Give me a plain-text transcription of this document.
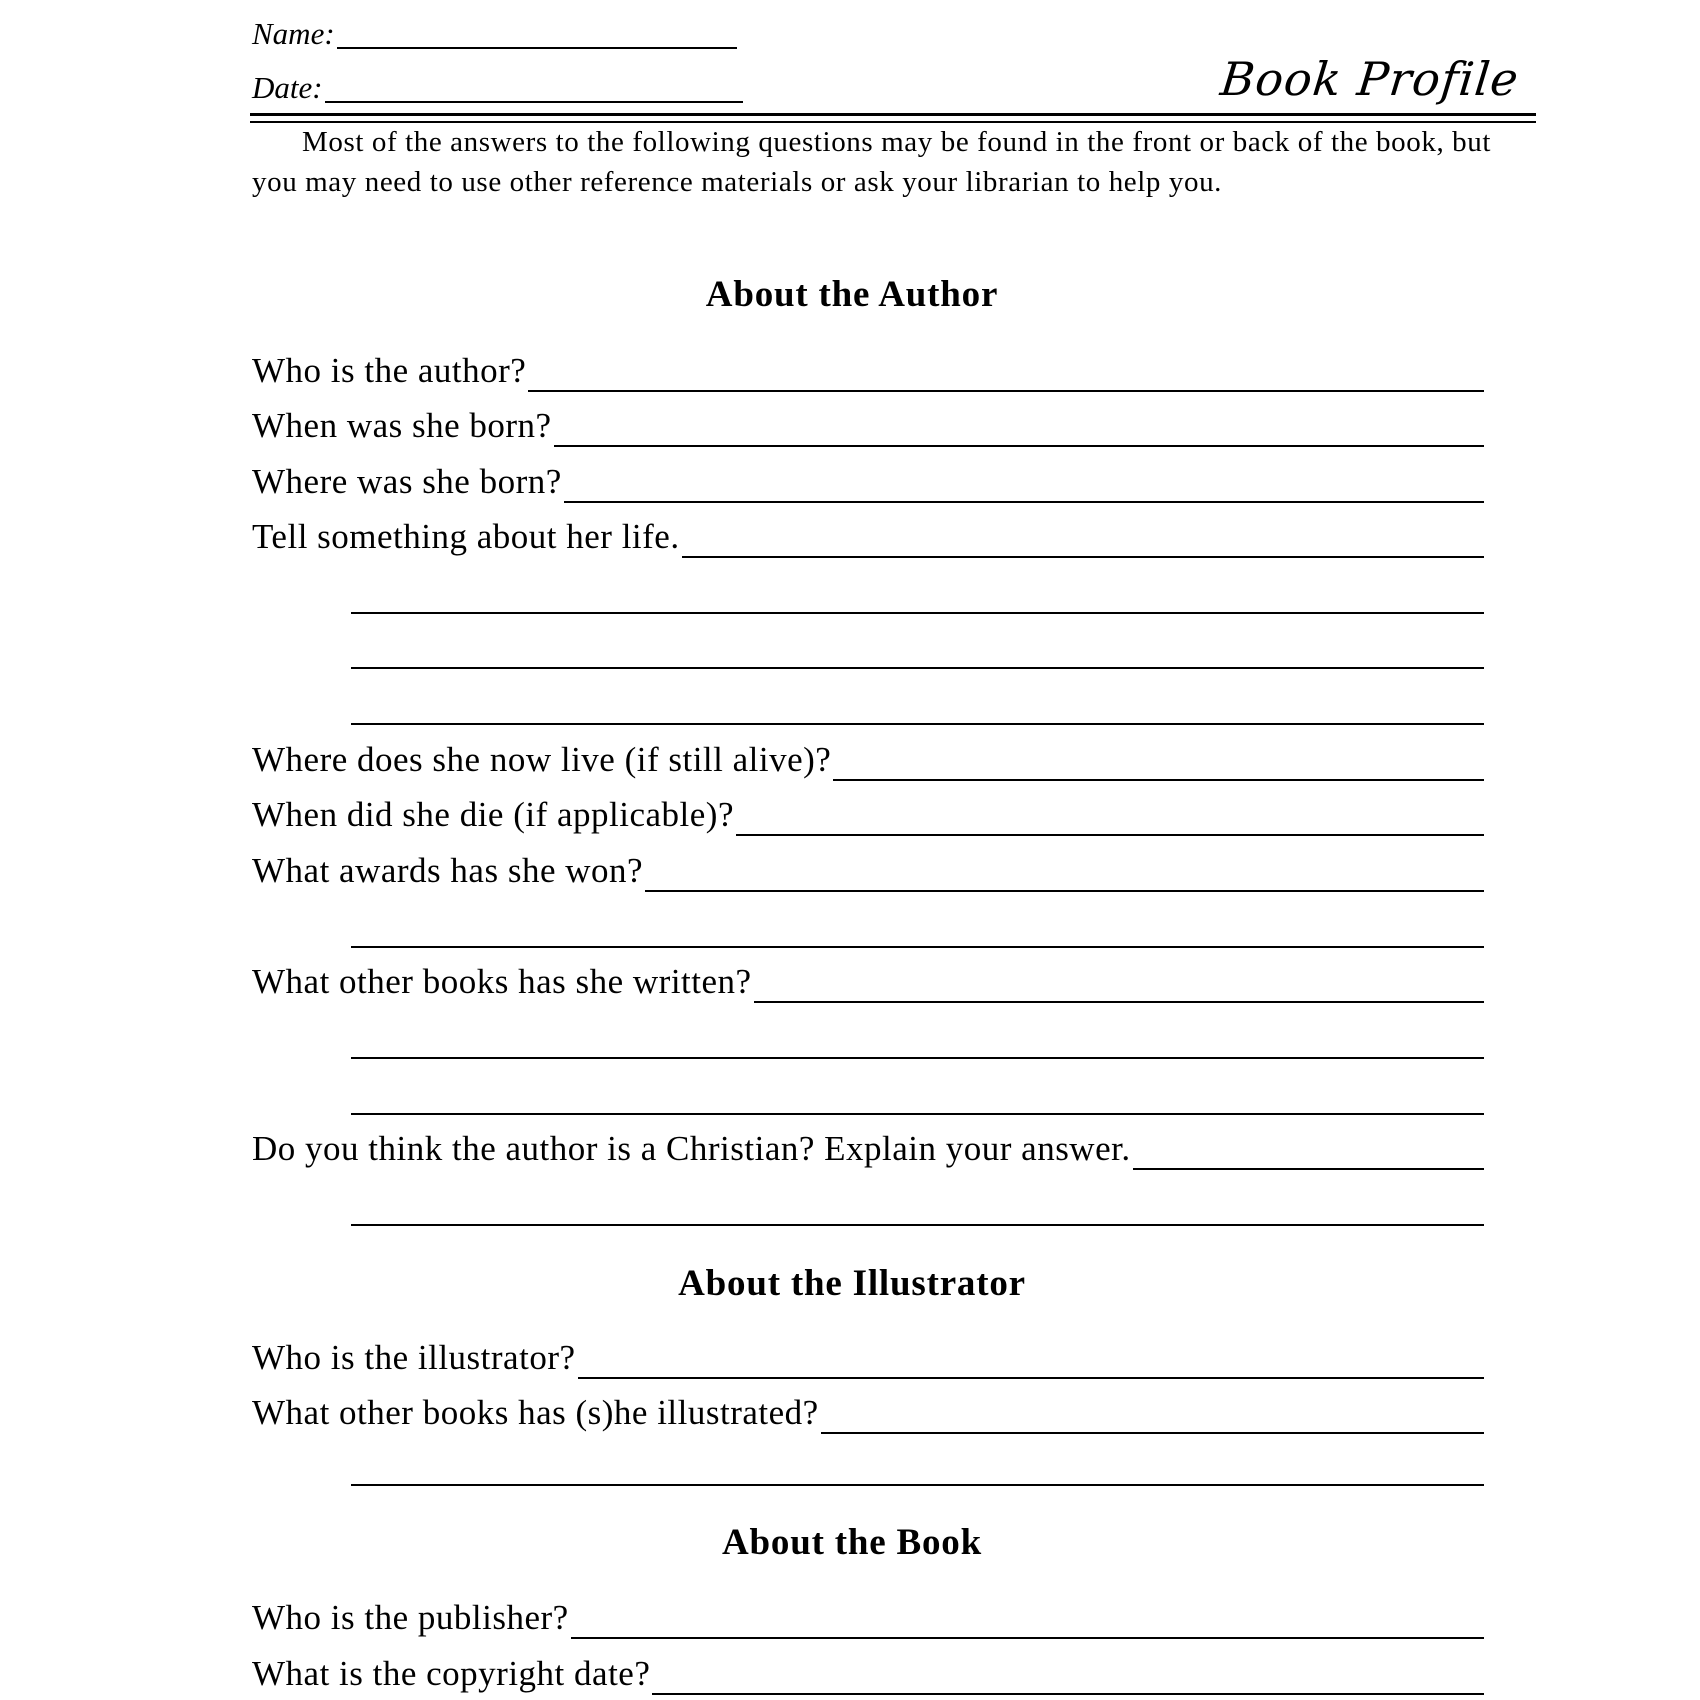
Name:
Date:	Book Profile

Most of the answers to the following questions may be found in the front or back of the book, but you may need to use other reference materials or ask your librarian to help you.

About the Author
Who is the author?
When was she born?
Where was she born?
Tell something about her life.
Where does she now live (if still alive)?
When did she die (if applicable)?
What awards has she won?
What other books has she written?
Do you think the author is a Christian? Explain your answer.
About the Illustrator
Who is the illustrator?
What other books has (s)he illustrated?
About the Book
Who is the publisher?
What is the copyright date?
